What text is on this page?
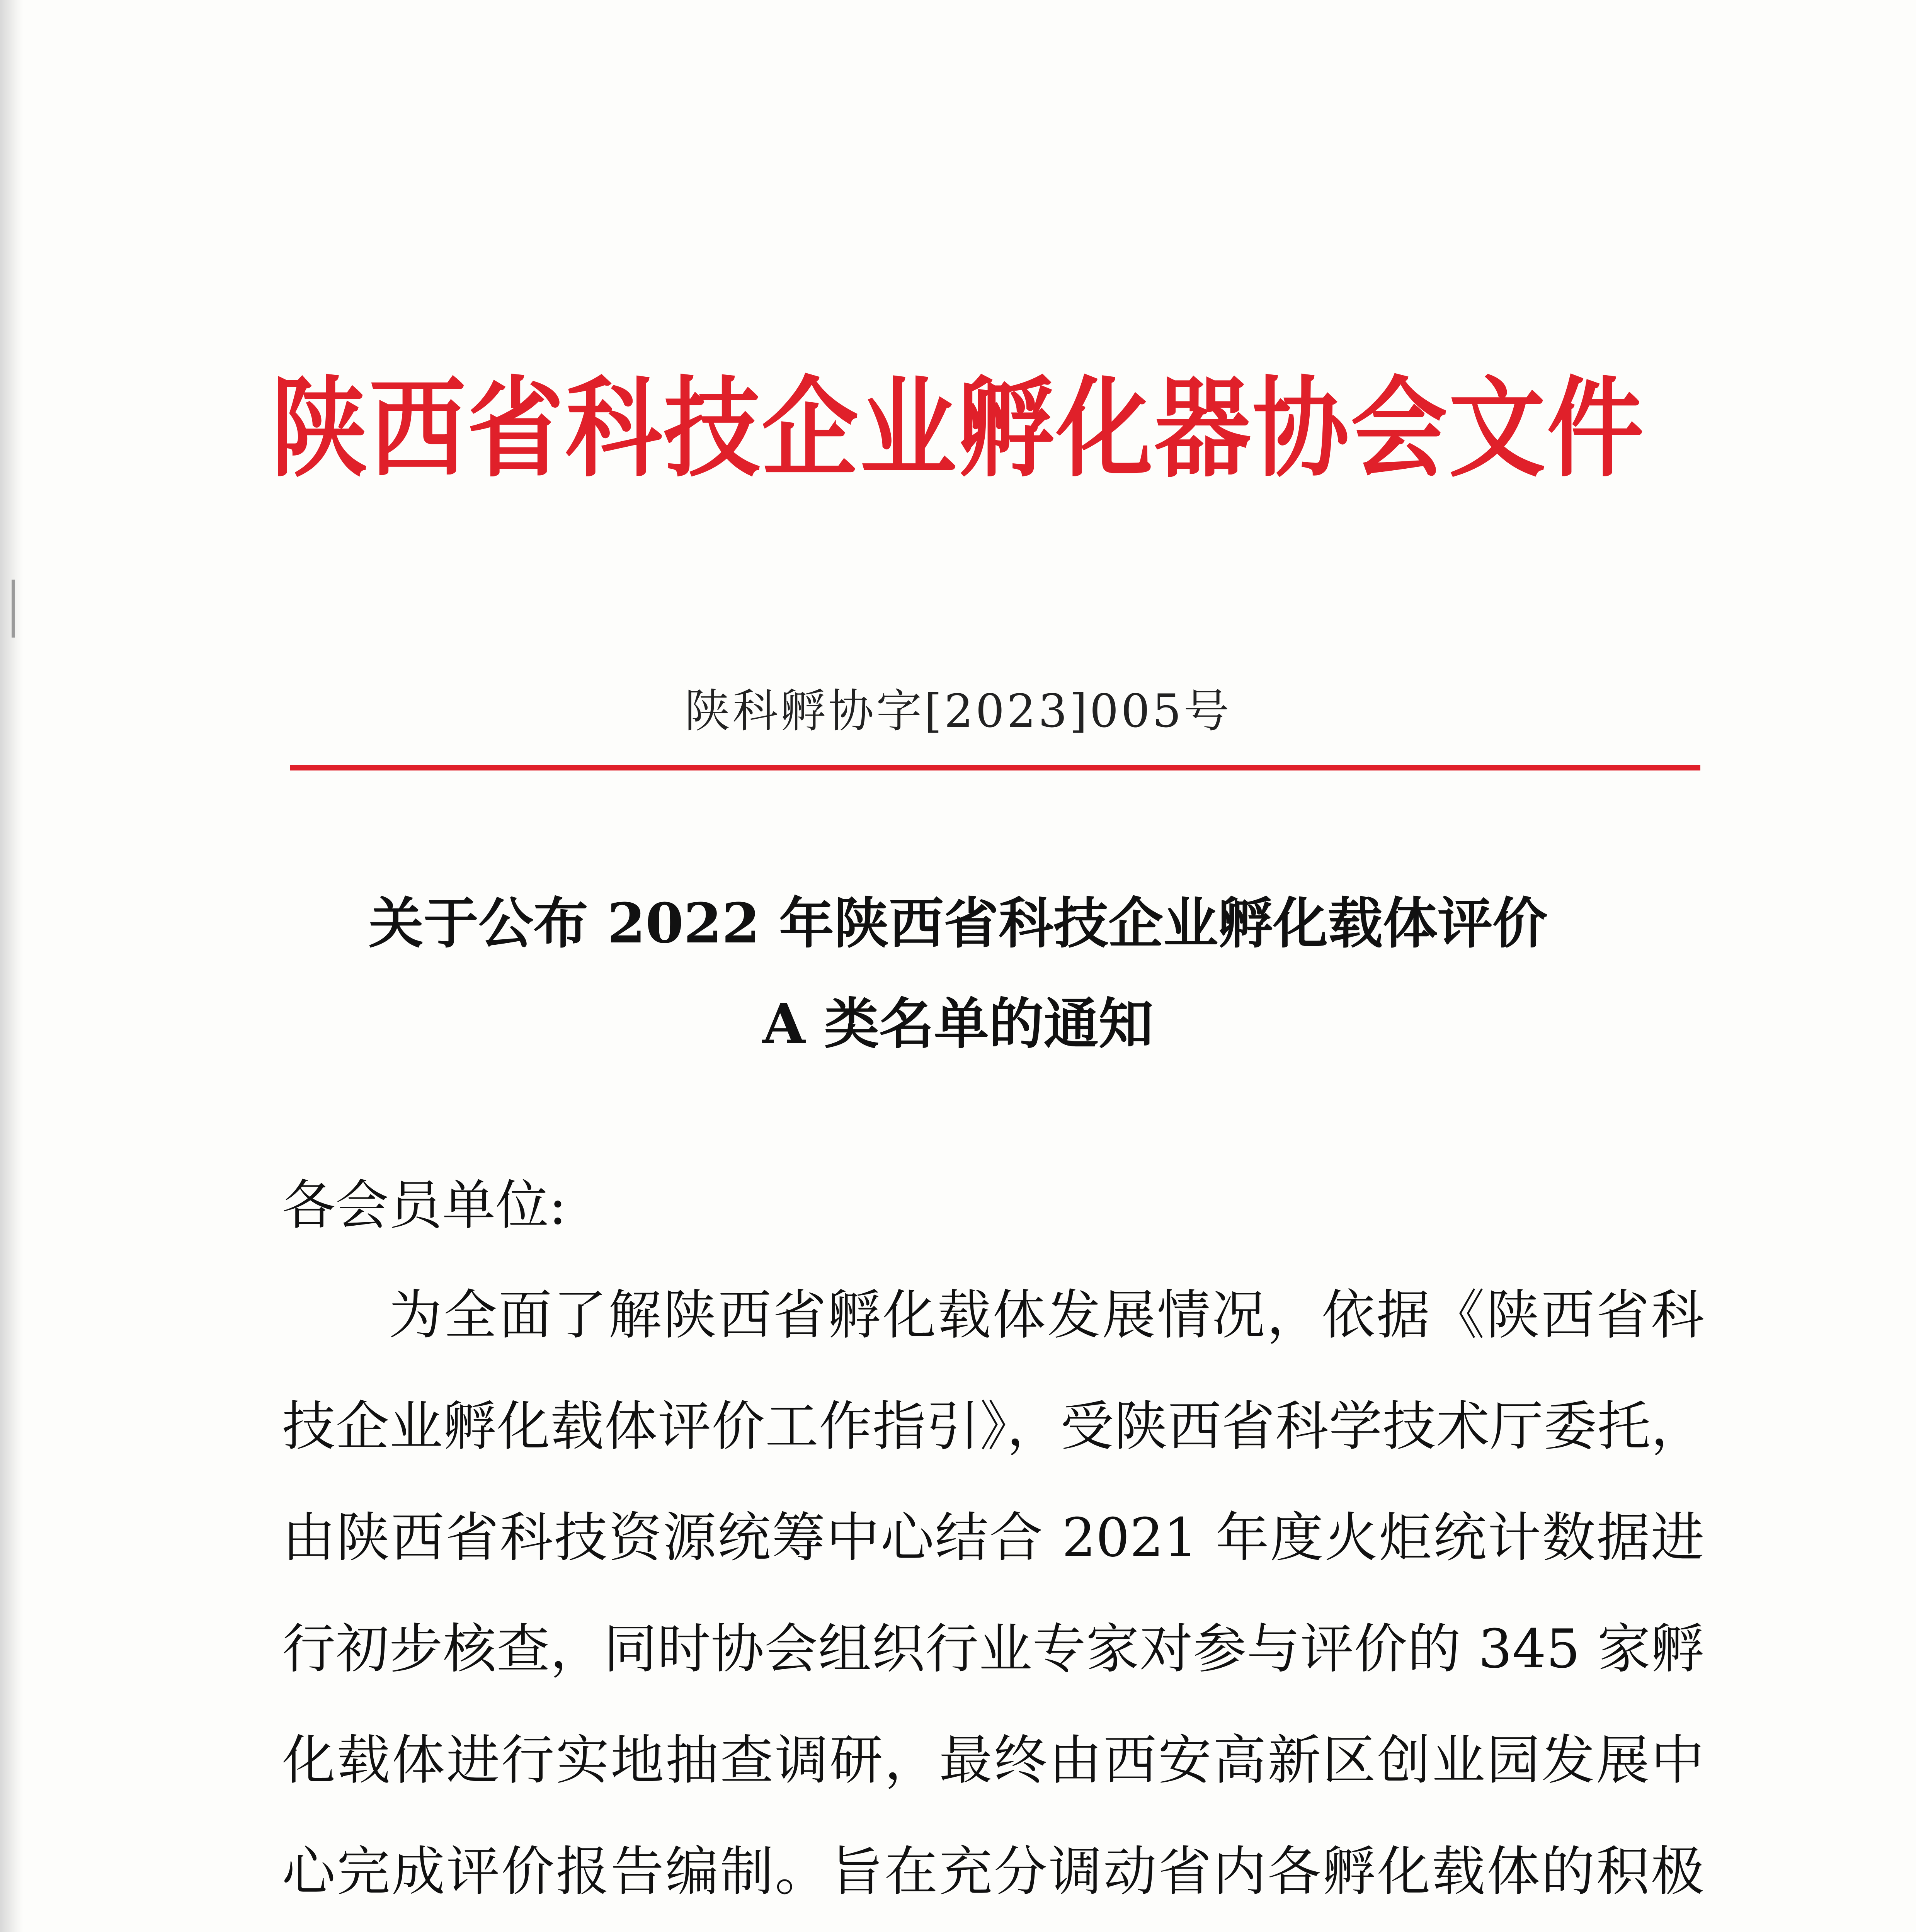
陕西省科技企业孵化器协会文件
陕科孵协字[2023]005号
关于公布 2022 年陕西省科技企业孵化载体评价
A 类名单的通知
各会员单位:

为全面了解陕西省孵化载体发展情况，依据《陕西省科技企业孵化载体评价工作指引》，受陕西省科学技术厅委托，由陕西省科技资源统筹中心结合 2021 年度火炬统计数据进行初步核查，同时协会组织行业专家对参与评价的 345 家孵化载体进行实地抽查调研，最终由西安高新区创业园发展中心完成评价报告编制。旨在充分调动省内各孵化载体的积极
